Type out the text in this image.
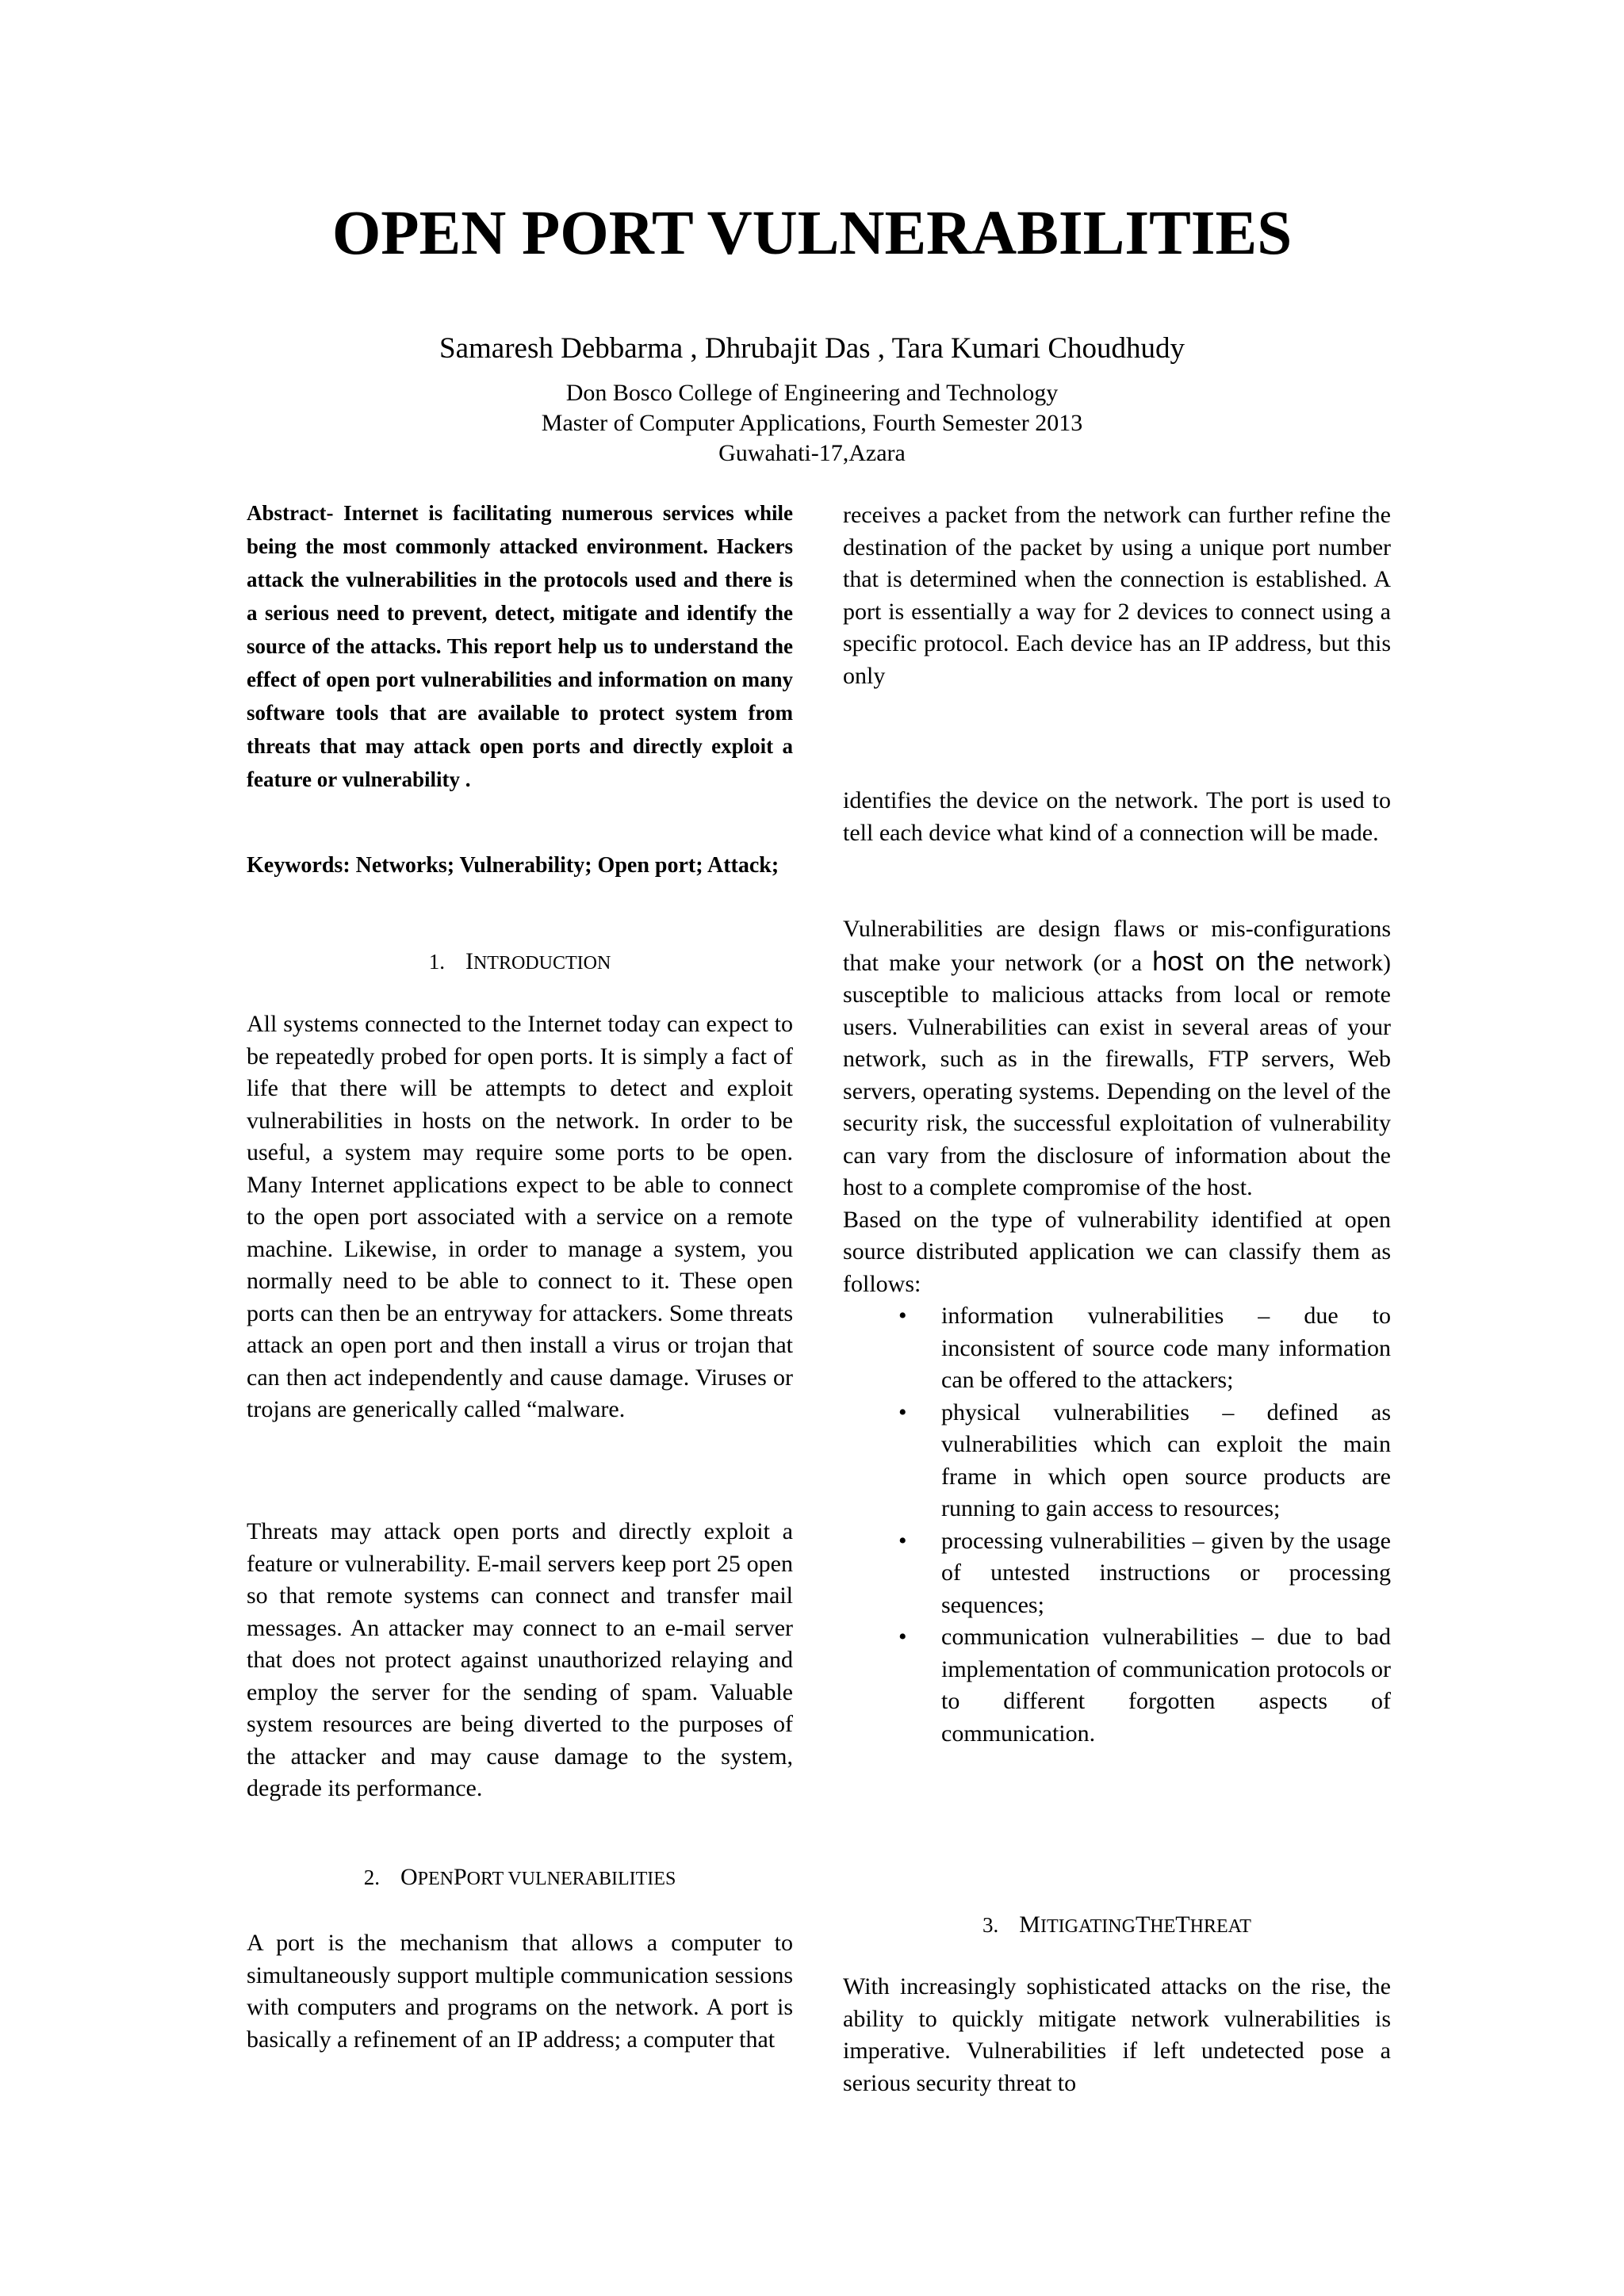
OPEN PORT VULNERABILITIES
Samaresh Debbarma , Dhrubajit Das , Tara Kumari Choudhudy
Don Bosco College of Engineering and Technology
Master of Computer Applications, Fourth Semester 2013
Guwahati-17,Azara

Abstract- Internet is facilitating numerous services while being the most commonly attacked environment. Hackers attack the vulnerabilities in the protocols used and there is a serious need to prevent, detect, mitigate and identify the source of the attacks. This report help us to understand the effect of open port vulnerabilities and information on many software tools that are available to protect system from threats that may attack open ports and directly exploit a feature or vulnerability .

Keywords: Networks; Vulnerability; Open port; Attack;

1. INTRODUCTION

All systems connected to the Internet today can expect to be repeatedly probed for open ports. It is simply a fact of life that there will be attempts to detect and exploit vulnerabilities in hosts on the network. In order to be useful, a system may require some ports to be open. Many Internet applications expect to be able to connect to the open port associated with a service on a remote machine. Likewise, in order to manage a system, you normally need to be able to connect to it. These open ports can then be an entryway for attackers. Some threats attack an open port and then install a virus or trojan that can then act independently and cause damage. Viruses or trojans are generically called “malware.

Threats may attack open ports and directly exploit a feature or vulnerability. E-mail servers keep port 25 open so that remote systems can connect and transfer mail messages. An attacker may connect to an e-mail server that does not protect against unauthorized relaying and employ the server for the sending of spam. Valuable system resources are being diverted to the purposes of the attacker and may cause damage to the system, degrade its performance.

2. OPENPORT VULNERABILITIES

A port is the mechanism that allows a computer to simultaneously support multiple communication sessions with computers and programs on the network. A port is basically a refinement of an IP address; a computer that

receives a packet from the network can further refine the destination of the packet by using a unique port number that is determined when the connection is established. A port is essentially a way for 2 devices to connect using a specific protocol. Each device has an IP address, but this only

identifies the device on the network. The port is used to tell each device what kind of a connection will be made.

Vulnerabilities are design flaws or mis-configurations that make your network (or a host on the network) susceptible to malicious attacks from local or remote users. Vulnerabilities can exist in several areas of your network, such as in the firewalls, FTP servers, Web servers, operating systems. Depending on the level of the security risk, the successful exploitation of vulnerability can vary from the disclosure of information about the host to a complete compromise of the host.

Based on the type of vulnerability identified at open source distributed application we can classify them as follows:

• information vulnerabilities – due to inconsistent of source code many information can be offered to the attackers;
• physical vulnerabilities – defined as vulnerabilities which can exploit the main frame in which open source products are running to gain access to resources;
• processing vulnerabilities – given by the usage of untested instructions or processing sequences;
• communication vulnerabilities – due to bad implementation of communication protocols or to different forgotten aspects of communication.
3. MITIGATINGTHETHREAT

With increasingly sophisticated attacks on the rise, the ability to quickly mitigate network vulnerabilities is imperative. Vulnerabilities if left undetected pose a serious security threat to
